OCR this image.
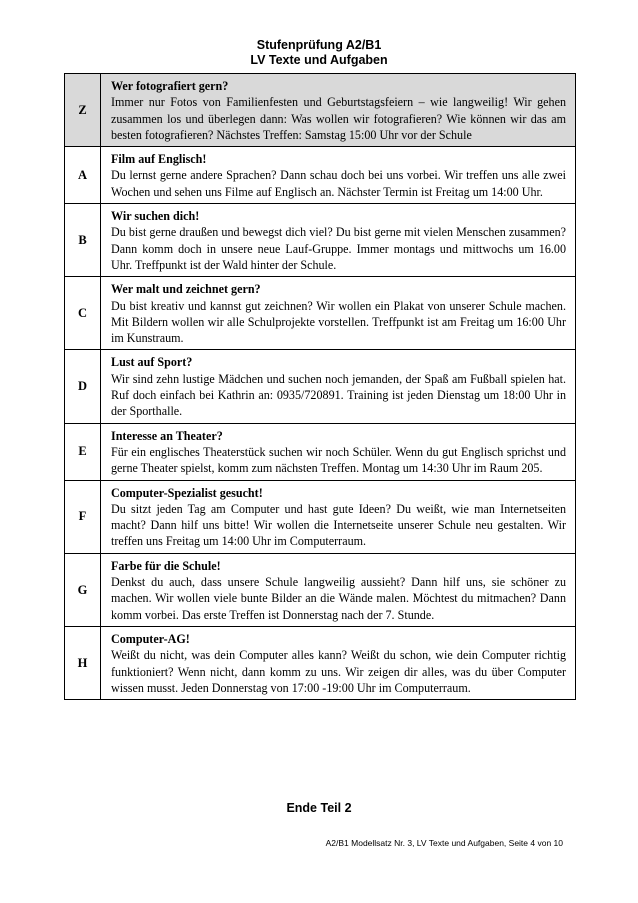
Stufenprüfung A2/B1
LV Texte und Aufgaben
Z	Wer fotografiert gern?
Immer nur Fotos von Familienfesten und Geburtstagsfeiern – wie langweilig! Wir gehen zusammen los und überlegen dann: Was wollen wir fotografieren? Wie können wir das am besten fotografieren? Nächstes Treffen: Samstag 15:00 Uhr vor der Schule
A	Film auf Englisch!
Du lernst gerne andere Sprachen? Dann schau doch bei uns vorbei. Wir treffen uns alle zwei Wochen und sehen uns Filme auf Englisch an. Nächster Termin ist Freitag um 14:00 Uhr.
B	Wir suchen dich!
Du bist gerne draußen und bewegst dich viel? Du bist gerne mit vielen Menschen zusammen? Dann komm doch in unsere neue Lauf-Gruppe. Immer montags und mittwochs um 16.00 Uhr. Treffpunkt ist der Wald hinter der Schule.
C	Wer malt und zeichnet gern?
Du bist kreativ und kannst gut zeichnen? Wir wollen ein Plakat von unserer Schule machen. Mit Bildern wollen wir alle Schulprojekte vorstellen. Treffpunkt ist am Freitag um 16:00 Uhr im Kunstraum.
D	Lust auf Sport?
Wir sind zehn lustige Mädchen und suchen noch jemanden, der Spaß am Fußball spielen hat. Ruf doch einfach bei Kathrin an: 0935/720891. Training ist jeden Dienstag um 18:00 Uhr in der Sporthalle.
E	Interesse an Theater?
Für ein englisches Theaterstück suchen wir noch Schüler. Wenn du gut Englisch sprichst und gerne Theater spielst, komm zum nächsten Treffen. Montag um 14:30 Uhr im Raum 205.
F	Computer-Spezialist gesucht!
Du sitzt jeden Tag am Computer und hast gute Ideen? Du weißt, wie man Internetseiten macht? Dann hilf uns bitte! Wir wollen die Internetseite unserer Schule neu gestalten. Wir treffen uns Freitag um 14:00 Uhr im Computerraum.
G	Farbe für die Schule!
Denkst du auch, dass unsere Schule langweilig aussieht? Dann hilf uns, sie schöner zu machen. Wir wollen viele bunte Bilder an die Wände malen. Möchtest du mitmachen? Dann komm vorbei. Das erste Treffen ist Donnerstag nach der 7. Stunde.
H	Computer-AG!
Weißt du nicht, was dein Computer alles kann? Weißt du schon, wie dein Computer richtig funktioniert? Wenn nicht, dann komm zu uns. Wir zeigen dir alles, was du über Computer wissen musst. Jeden Donnerstag von 17:00 -19:00 Uhr im Computerraum.
Ende Teil 2
A2/B1 Modellsatz Nr. 3, LV Texte und Aufgaben, Seite 4 von 10
